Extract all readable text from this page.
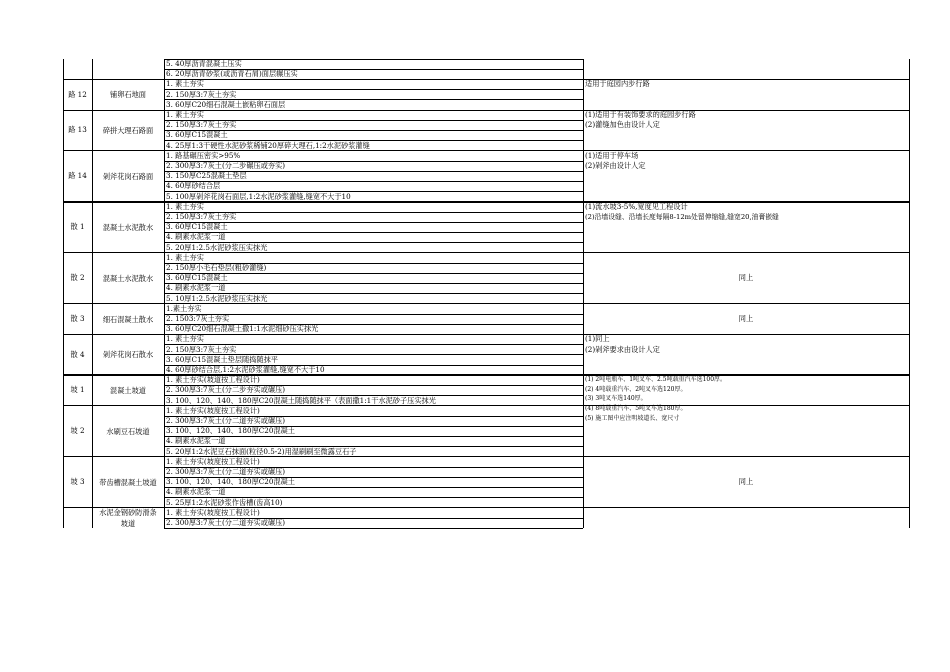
5. 40厚沥青混凝土压实
6. 20厚沥青砂浆(或沥青石屑)面层辗压实
路 12	铺卵石地面
1. 素土夯实
2. 150厚3:7灰土夯实
3. 60厚C20细石混凝土嵌粘卵石面层
适用于庭园内步行路
路 13	碎拼大理石路面
1. 素土夯实
2. 150厚3:7灰土夯实
3. 60厚C15混凝土
4. 25厚1:3干硬性水泥砂浆稀铺20厚碎大理石,1:2水泥砂浆灌缝
(1)适用于有装饰要求的庭园步行路
(2)灌缝加色由设计人定
路 14	剁斧花岗石路面
1. 路基碾压密实>95%
2. 300厚3:7灰土(分二步碾压或夯实)
3. 150厚C25混凝土垫层
4. 60厚砂结合层
5. 100厚剁斧花岗石面层,1:2水泥砂浆灌缝,缝宽不大于10
(1)适用于停车场
(2)剁斧由设计人定
散 1	混凝土水泥散水
1. 素土夯实
2. 150厚3:7灰土夯实
3. 60厚C15混凝土
4. 刷素水泥浆一道
5. 20厚1:2.5水泥砂浆压实抹光
(1)流水坡3-5%,宽度见工程设计
(2)沿墙设缝、沿墙长度每隔8-12m处留伸缩缝,缝宽20,油膏嵌缝
散 2	混凝土水泥散水
1. 素土夯实
2. 150厚小毛石垫层(粗砂灌缝)
3. 60厚C15混凝土
4. 刷素水泥浆一道
5. 10厚1:2.5水泥砂浆压实抹光
同上
散 3	细石混凝土散水
1.素土夯实
2. 1503:7灰土夯实
3. 60厚C20细石混凝土撒1:1水泥细砂压实抹光
同上
散 4	剁斧花岗石散水
1. 素土夯实
2. 150厚3:7灰土夯实
3. 60厚C15混凝土垫层随捣随抹平
4. 60厚砂结合层,1:2水泥砂浆灌缝,缝宽不大于10
(1)同上
(2)剁斧要求由设计人定
坡 1	混凝土坡道
1. 素土夯实(坡道按工程设计)
2. 300厚3:7灰土(分二步夯实或碾压)
3. 100、120、140、180厚C20混凝土随捣随抹平（表面撒1:1干水泥砂子压实抹光
(1) 2吨电瓶车、1吨叉车、2.5吨载重汽车选100厚。
(2) 4吨载重汽车、2吨叉车选120厚。
(3) 3吨叉车选140厚。
(4) 8吨载重汽车、5吨叉车选180厚。
(5) 施工图中应注明坡道长、宽尺寸
坡 2	水刷豆石坡道
1. 素土夯实(坡度按工程设计)
2. 300厚3:7灰土(分二道夯实或碾压)
3. 100、120、140、180厚C20混凝土
4. 刷素水泥浆一道
5. 20厚1:2水泥豆石抹面(粒径0.5-2)用湿刷刷至微露豆石子
坡 3	带齿槽混凝土坡道
1. 素土夯实(坡度按工程设计)
2. 300厚3:7灰土(分二道夯实或碾压)
3. 100、120、140、180厚C20混凝土
4. 刷素水泥浆一道
5. 25厚1:2水泥砂浆作齿槽(齿高10)
同上
水泥金钢砂防滑条坡道
1. 素土夯实(坡度按工程设计)
2. 300厚3:7灰土(分二道夯实或碾压)
